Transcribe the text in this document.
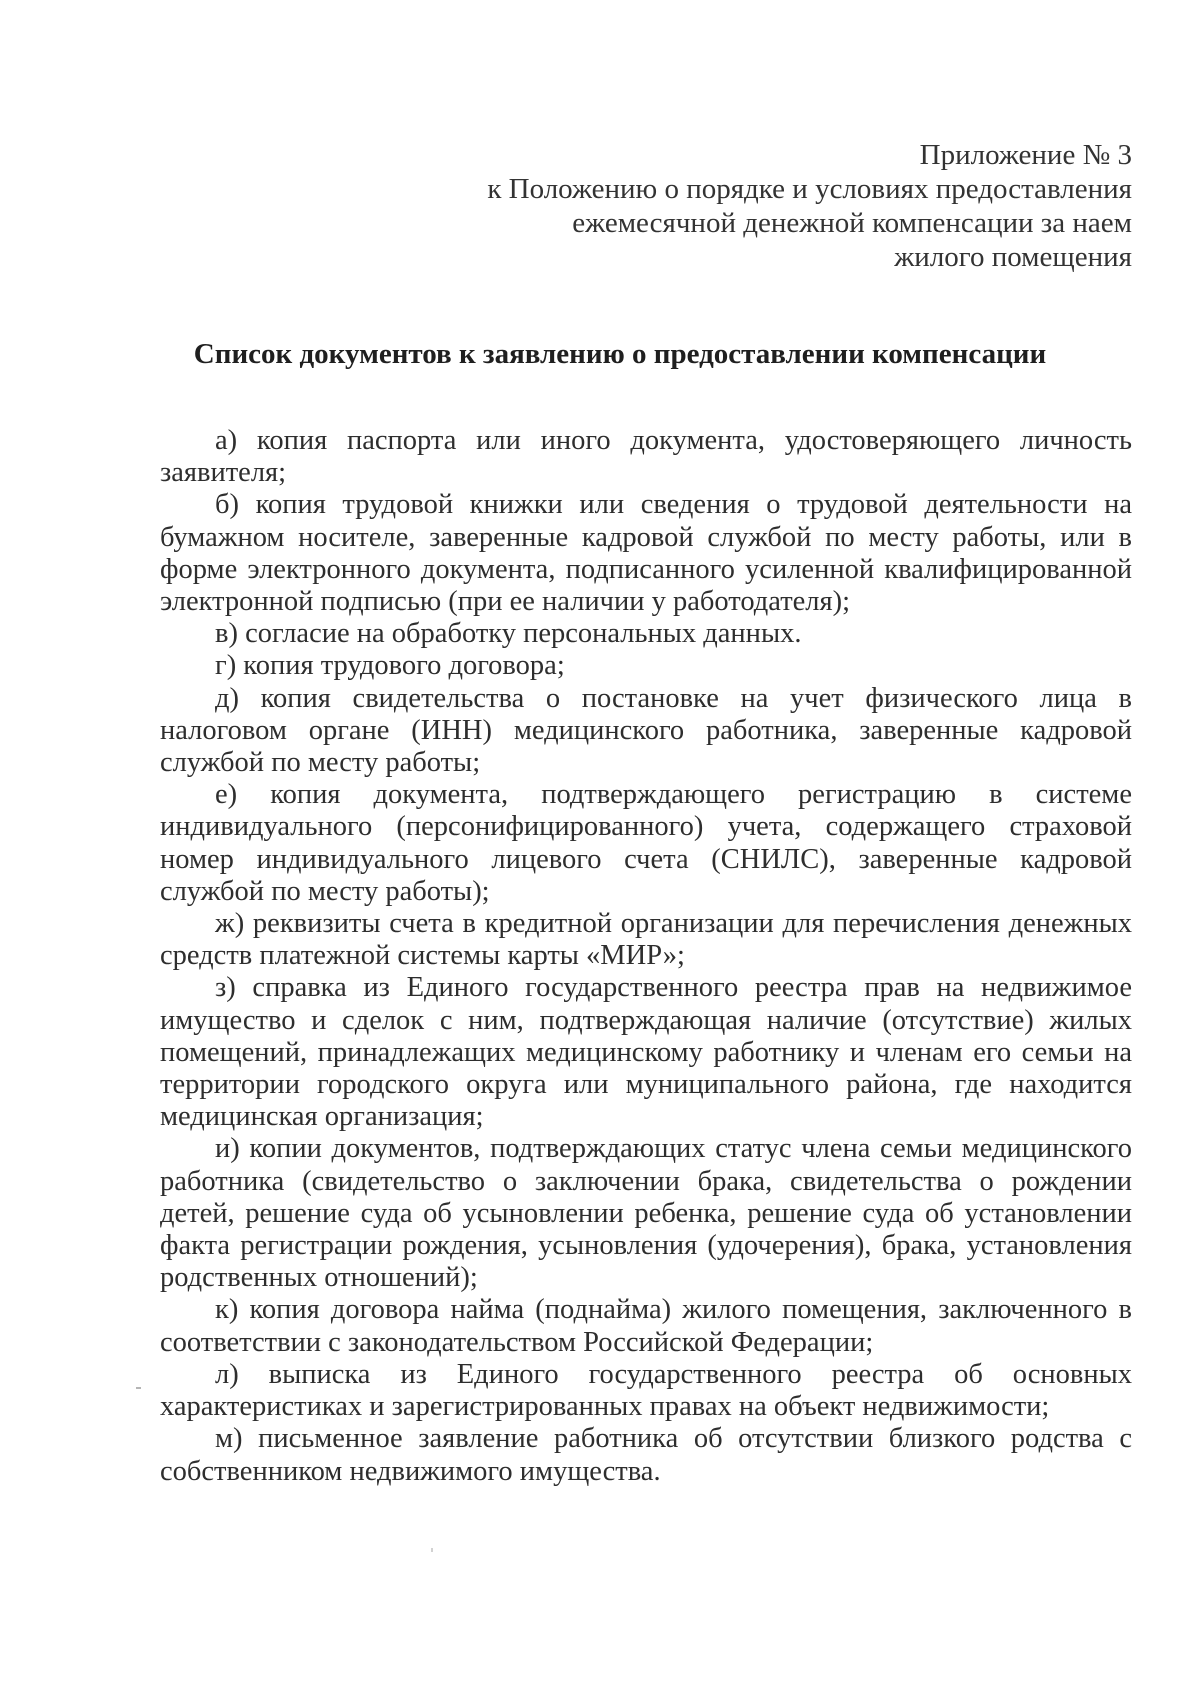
Приложение № 3
к Положению о порядке и условиях предоставления
ежемесячной денежной компенсации за наем
жилого помещения
Список документов к заявлению о предоставлении компенсации

а) копия паспорта или иного документа, удостоверяющего личность заявителя;

б) копия трудовой книжки или сведения о трудовой деятельности на бумажном носителе, заверенные кадровой службой по месту работы, или в форме электронного документа, подписанного усиленной квалифицированной электронной подписью (при ее наличии у работодателя);

в) согласие на обработку персональных данных.

г) копия трудового договора;

д) копия свидетельства о постановке на учет физического лица в налоговом органе (ИНН) медицинского работника, заверенные кадровой службой по месту работы;

е) копия документа, подтверждающего регистрацию в системе индивидуального (персонифицированного) учета, содержащего страховой номер индивидуального лицевого счета (СНИЛС), заверенные кадровой службой по месту работы);

ж) реквизиты счета в кредитной организации для перечисления денежных средств платежной системы карты «МИР»;

з) справка из Единого государственного реестра прав на недвижимое имущество и сделок с ним, подтверждающая наличие (отсутствие) жилых помещений, принадлежащих медицинскому работнику и членам его семьи на территории городского округа или муниципального района, где находится медицинская организация;

и) копии документов, подтверждающих статус члена семьи медицинского работника (свидетельство о заключении брака, свидетельства о рождении детей, решение суда об усыновлении ребенка, решение суда об установлении факта регистрации рождения, усыновления (удочерения), брака, установления родственных отношений);

к) копия договора найма (поднайма) жилого помещения, заключенного в соответствии с законодательством Российской Федерации;

л) выписка из Единого государственного реестра об основных характеристиках и зарегистрированных правах на объект недвижимости;

м) письменное заявление работника об отсутствии близкого родства с собственником недвижимого имущества.
